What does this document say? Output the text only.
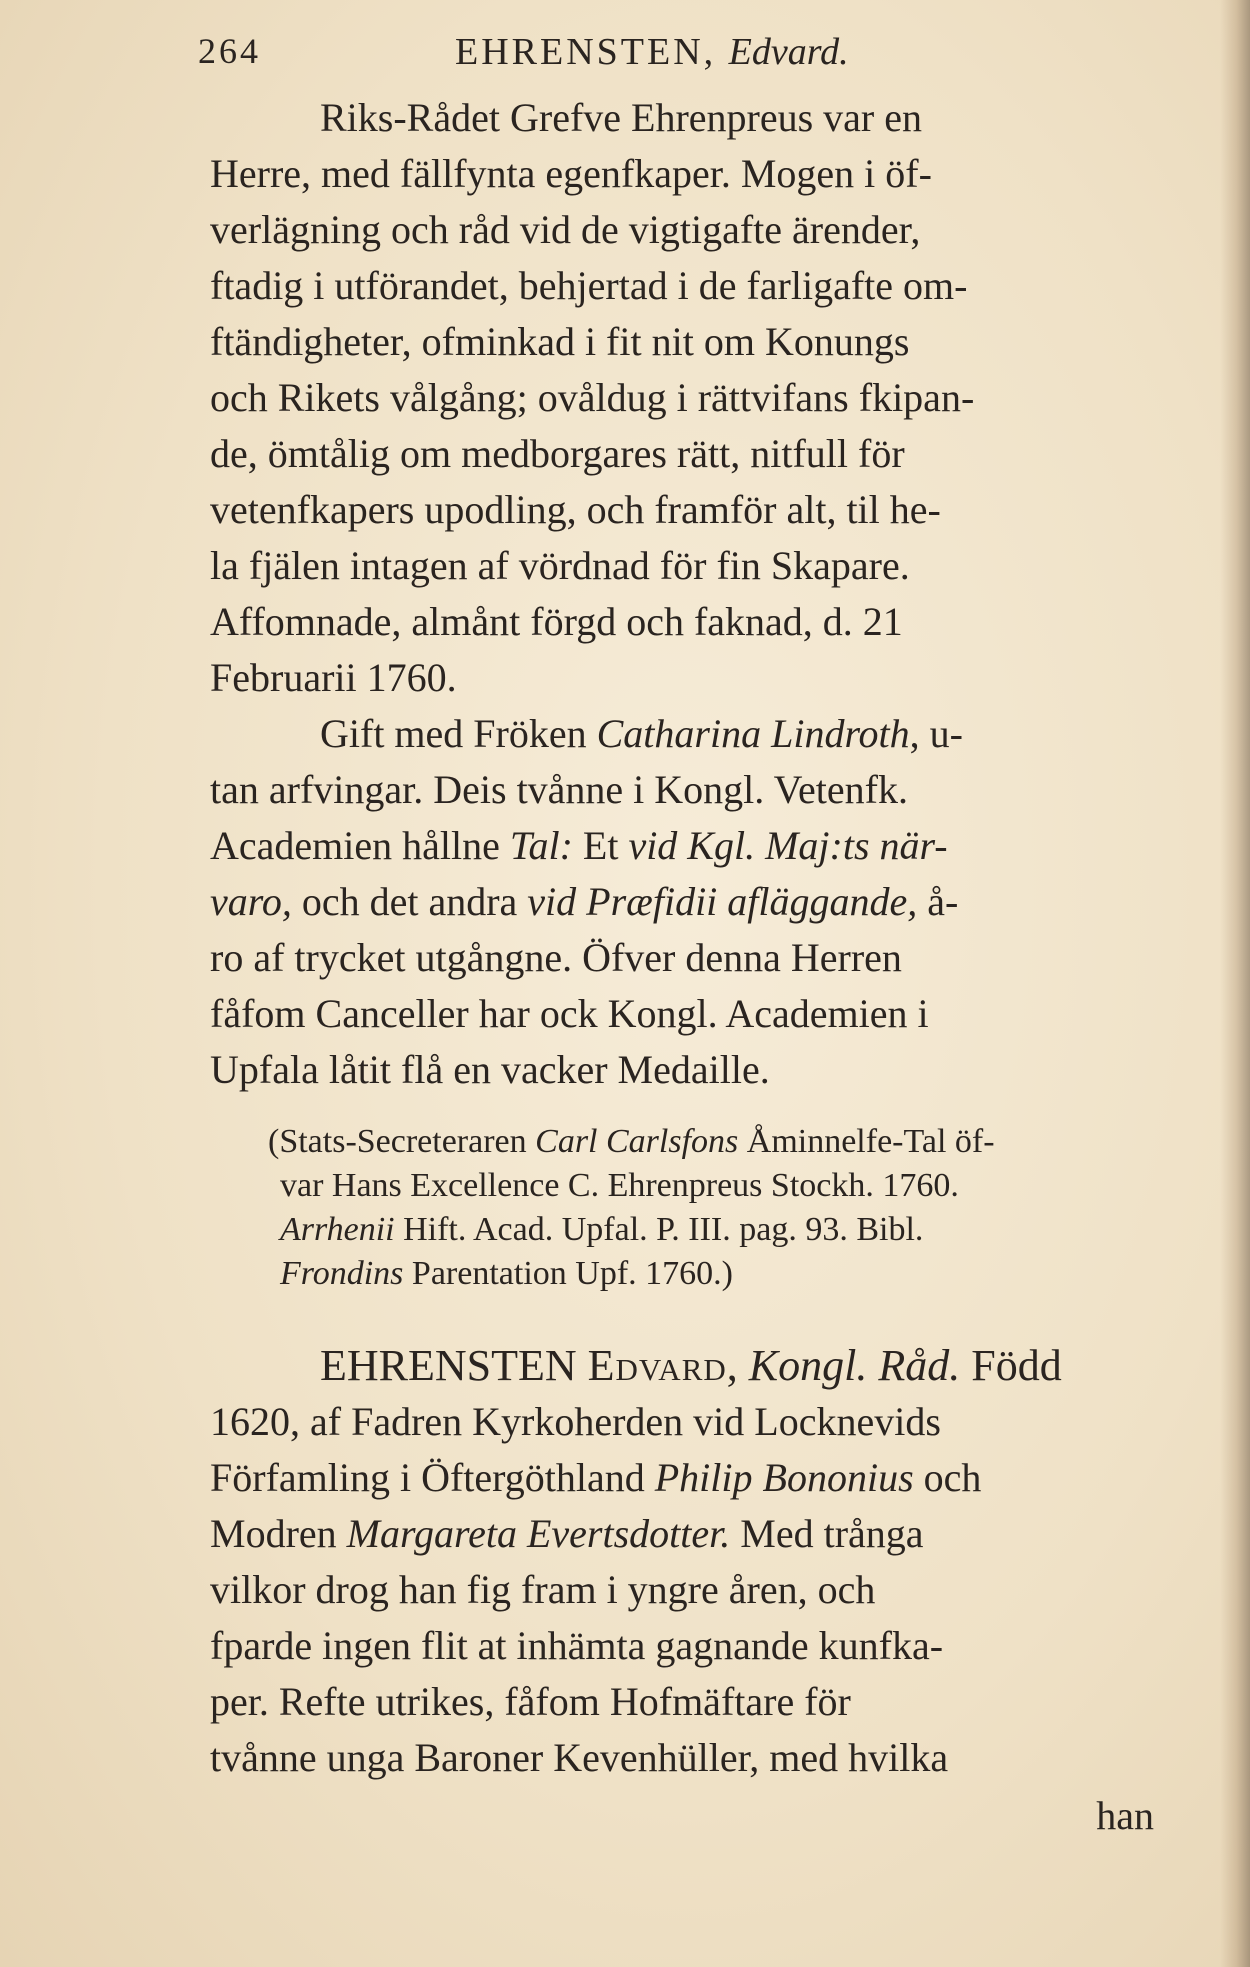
264	EHRENSTEN, Edvard.

Riks-Rådet Grefve Ehrenpreus var en

Herre, med fällfynta egenfkaper. Mogen i öf-

verlägning och råd vid de vigtigafte ärender,

ftadig i utförandet, behjertad i de farligafte om-

ftändigheter, ofminkad i fit nit om Konungs

och Rikets vålgång; ovåldug i rättvifans fkipan-

de, ömtålig om medborgares rätt, nitfull för

vetenfkapers upodling, och framför alt, til he-

la fjälen intagen af vördnad för fin Skapare.

Affomnade, almånt förgd och faknad, d. 21

Februarii 1760.

Gift med Fröken Catharina Lindroth, u-

tan arfvingar. Deis tvånne i Kongl. Vetenfk.

Academien hållne Tal: Et vid Kgl. Maj:ts när-

varo, och det andra vid Præfidii afläggande, å-

ro af trycket utgångne. Öfver denna Herren

fåfom Canceller har ock Kongl. Academien i

Upfala låtit flå en vacker Medaille.

(Stats-Secreteraren Carl Carlsfons Åminnelfe-Tal öf-

var Hans Excellence C. Ehrenpreus Stockh. 1760.

Arrhenii Hift. Acad. Upfal. P. III. pag. 93. Bibl.

Frondins Parentation Upf. 1760.)

EHRENSTEN Edvard, Kongl. Råd. Född

1620, af Fadren Kyrkoherden vid Locknevids

Förfamling i Öftergöthland Philip Bononius och

Modren Margareta Evertsdotter. Med trånga

vilkor drog han fig fram i yngre åren, och

fparde ingen flit at inhämta gagnande kunfka-

per. Refte utrikes, fåfom Hofmäftare för

tvånne unga Baroner Kevenhüller, med hvilka

han
